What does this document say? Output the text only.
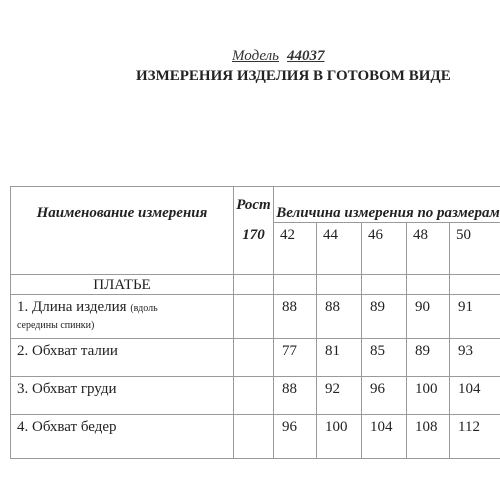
Модель 44037
ИЗМЕРЕНИЯ ИЗДЕЛИЯ В ГОТОВОМ ВИДЕ
Наименование измерения	Рост	Величина измерения по размерам				
	170	42	44	46	48	50
ПЛАТЬЕ						
1. Длина изделия (вдоль
середины спинки)		88	88	89	90	91
2. Обхват талии		77	81	85	89	93
3. Обхват груди		88	92	96	100	104
4. Обхват бедер		96	100	104	108	112
